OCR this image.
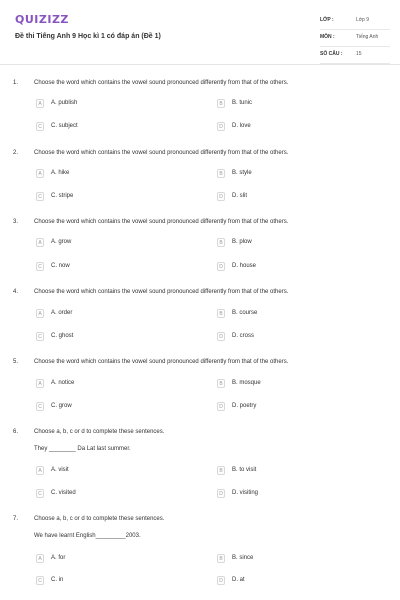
QUIZIZZ
Đề thi Tiếng Anh 9 Học kì 1 có đáp án (Đề 1)
LỚP :	Lớp 9
MÔN :	Tiếng Anh
SỐ CÂU :	15
1.	Choose the word which contains the vowel sound pronounced differently from that of the others.
A	A. publish	B	B. tunic
C	C. subject	D	D. love
2.	Choose the word which contains the vowel sound pronounced differently from that of the others.
A	A. hike	B	B. style
C	C. stripe	D	D. slit
3.	Choose the word which contains the vowel sound pronounced differently from that of the others.
A	A. grow	B	B. plow
C	C. now	D	D. house
4.	Choose the word which contains the vowel sound pronounced differently from that of the others.
A	A. order	B	B. course
C	C. ghost	D	D. cross
5.	Choose the word which contains the vowel sound pronounced differently from that of the others.
A	A. notice	B	B. mosque
C	C. grow	D	D. poetry
6.	Choose a, b, c or d to complete these sentences.
They ________ Da Lat last summer.
A	A. visit	B	B. to visit
C	C. visited	D	D. visiting
7.	Choose a, b, c or d to complete these sentences.
We have learnt English_________2003.
A	A. for	B	B. since
C	C. in	D	D. at
